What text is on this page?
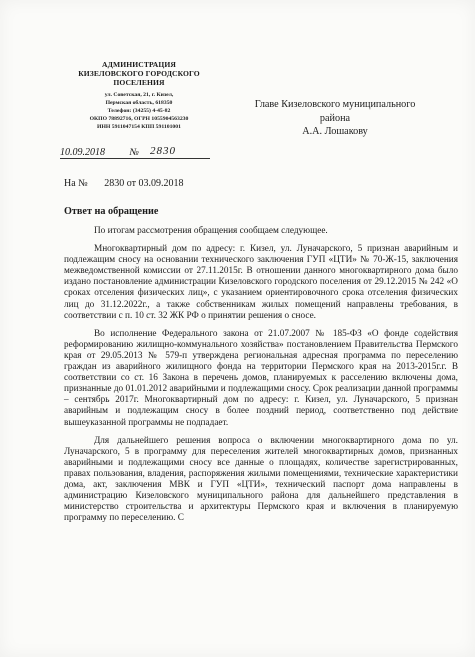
АДМИНИСТРАЦИЯ
КИЗЕЛОВСКОГО ГОРОДСКОГО
ПОСЕЛЕНИЯ
ул. Советская, 21, г. Кизел,
Пермская область, 618350
Телефон: (34255) 4-45-82
ОКПО 78892716, ОГРН 1055904563230
ИНН 5911047154 КПП 591101001
Главе Кизеловского муниципального
района
А.А. Лошакову
10.09.2018 № 2830
На № 2830 от 03.09.2018
Ответ на обращение

По итогам рассмотрения обращения сообщаем следующее.

Многоквартирный дом по адресу: г. Кизел, ул. Луначарского, 5 признан аварийным и подлежащим сносу на основании технического заключения ГУП «ЦТИ» № 70-Ж-15, заключения межведомственной комиссии от 27.11.2015г. В отношении данного многоквартирного дома было издано постановление администрации Кизеловского городского поселения от 29.12.2015 № 242 «О сроках отселения физических лиц», с указанием ориентировочного срока отселения физических лиц до 31.12.2022г., а также собственникам жилых помещений направлены требования, в соответствии с п. 10 ст. 32 ЖК РФ о принятии решения о сносе.

Во исполнение Федерального закона от 21.07.2007 № 185-ФЗ «О фонде содействия реформированию жилищно-коммунального хозяйства» постановлением Правительства Пермского края от 29.05.2013 № 579-п утверждена региональная адресная программа по переселению граждан из аварийного жилищного фонда на территории Пермского края на 2013-2015г.г. В соответствии со ст. 16 Закона в перечень домов, планируемых к расселению включены дома, признанные до 01.01.2012 аварийными и подлежащими сносу. Срок реализации данной программы – сентябрь 2017г. Многоквартирный дом по адресу: г. Кизел, ул. Луначарского, 5 признан аварийным и подлежащим сносу в более поздний период, соответственно под действие вышеуказанной программы не подпадает.

Для дальнейшего решения вопроса о включении многоквартирного дома по ул. Луначарского, 5 в программу для переселения жителей многоквартирных домов, признанных аварийными и подлежащими сносу все данные о площадях, количестве зарегистрированных, правах пользования, владения, распоряжения жилыми помещениями, технические характеристики дома, акт, заключения МВК и ГУП «ЦТИ», технический паспорт дома направлены в администрацию Кизеловского муниципального района для дальнейшего представления в министерство строительства и архитектуры Пермского края и включения в планируемую программу по переселению. С
